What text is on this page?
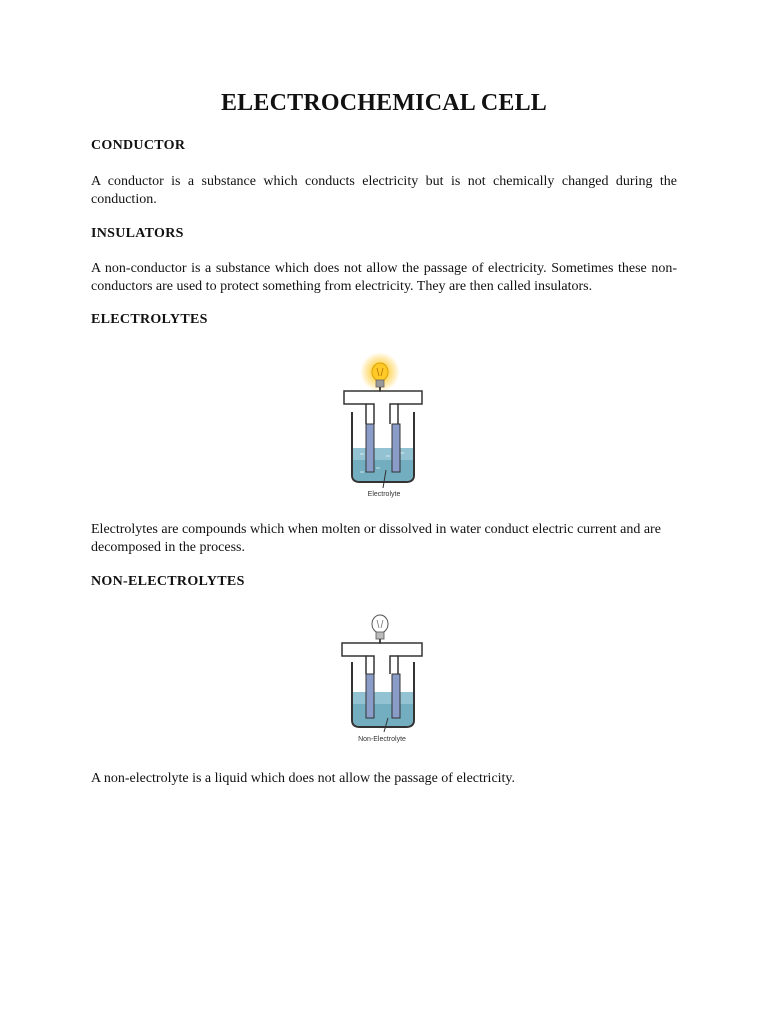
ELECTROCHEMICAL CELL
CONDUCTOR
A conductor is a substance which conducts electricity but is not chemically changed during the conduction.
INSULATORS
A non-conductor is a substance which does not allow the passage of electricity. Sometimes these non-conductors are used to protect something from electricity. They are then called insulators.
ELECTROLYTES
Electrolyte
Electrolytes are compounds which when molten or dissolved in water conduct electric current and are decomposed in the process.
NON-ELECTROLYTES
Non-Electrolyte
A non-electrolyte is a liquid which does not allow the passage of electricity.
